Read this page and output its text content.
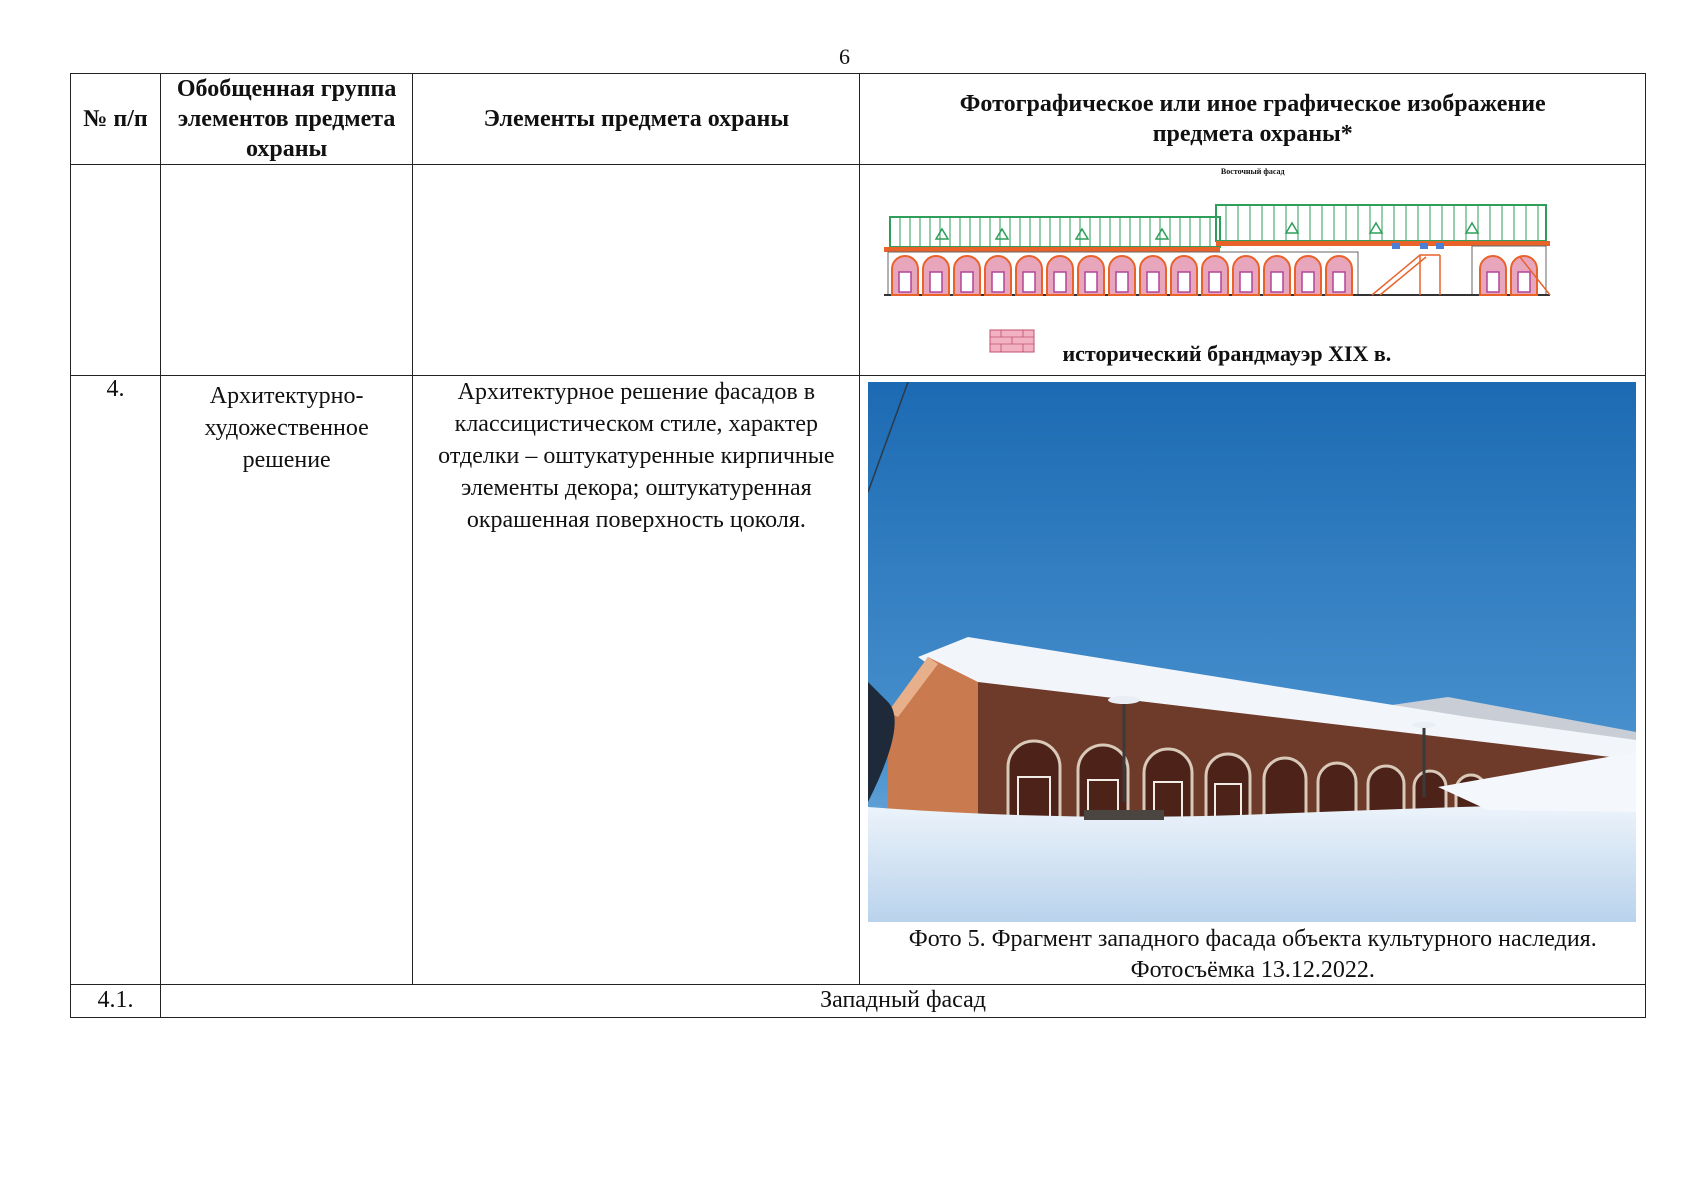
6
№ п/п	Обобщенная группа элементов предмета охраны	Элементы предмета охраны	Фотографическое или иное графическое изображение предмета охраны*

			Восточный фасад
исторический брандмауэр XIX в.

4.	Архитектурно-художественное решение	Архитектурное решение фасадов в классицистическом стиле, характер отделки – оштукатуренные кирпичные элементы декора; оштукатуренная окрашенная поверхность цоколя.	Фото 5. Фрагмент западного фасада объекта культурного наследия. Фотосъёмка 13.12.2022.

4.1.	Западный фасад		
